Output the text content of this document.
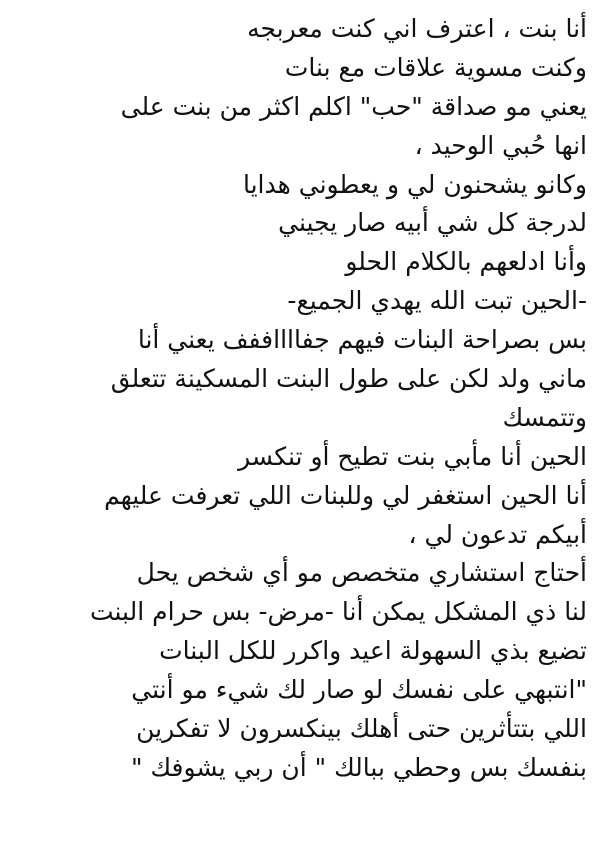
أنا بنت ، اعترف اني كنت معربجه
وكنت مسوية علاقات مع بنات
يعني مو صداقة "حب" اكلم اكثر من بنت على
انها حُبي الوحيد ،
وكانو يشحنون لي و يعطوني هدايا
لدرجة كل شي أبيه صار يجيني
وأنا ادلعهم بالكلام الحلو
-الحين تبت الله يهدي الجميع-
بس بصراحة البنات فيهم جفااااففف يعني أنا
ماني ولد لكن على طول البنت المسكينة تتعلق
وتتمسك
الحين أنا مأبي بنت تطيح أو تنكسر
أنا الحين استغفر لي وللبنات اللي تعرفت عليهم
أبيكم تدعون لي ،
أحتاج استشاري متخصص مو أي شخص يحل
لنا ذي المشكل يمكن أنا -مرض- بس حرام البنت
تضيع بذي السهولة اعيد واكرر للكل البنات
"انتبهي على نفسك لو صار لك شيء مو أنتي
اللي بتتأثرين حتى أهلك بينكسرون لا تفكرين
بنفسك بس وحطي ببالك " أن ربي يشوفك "
